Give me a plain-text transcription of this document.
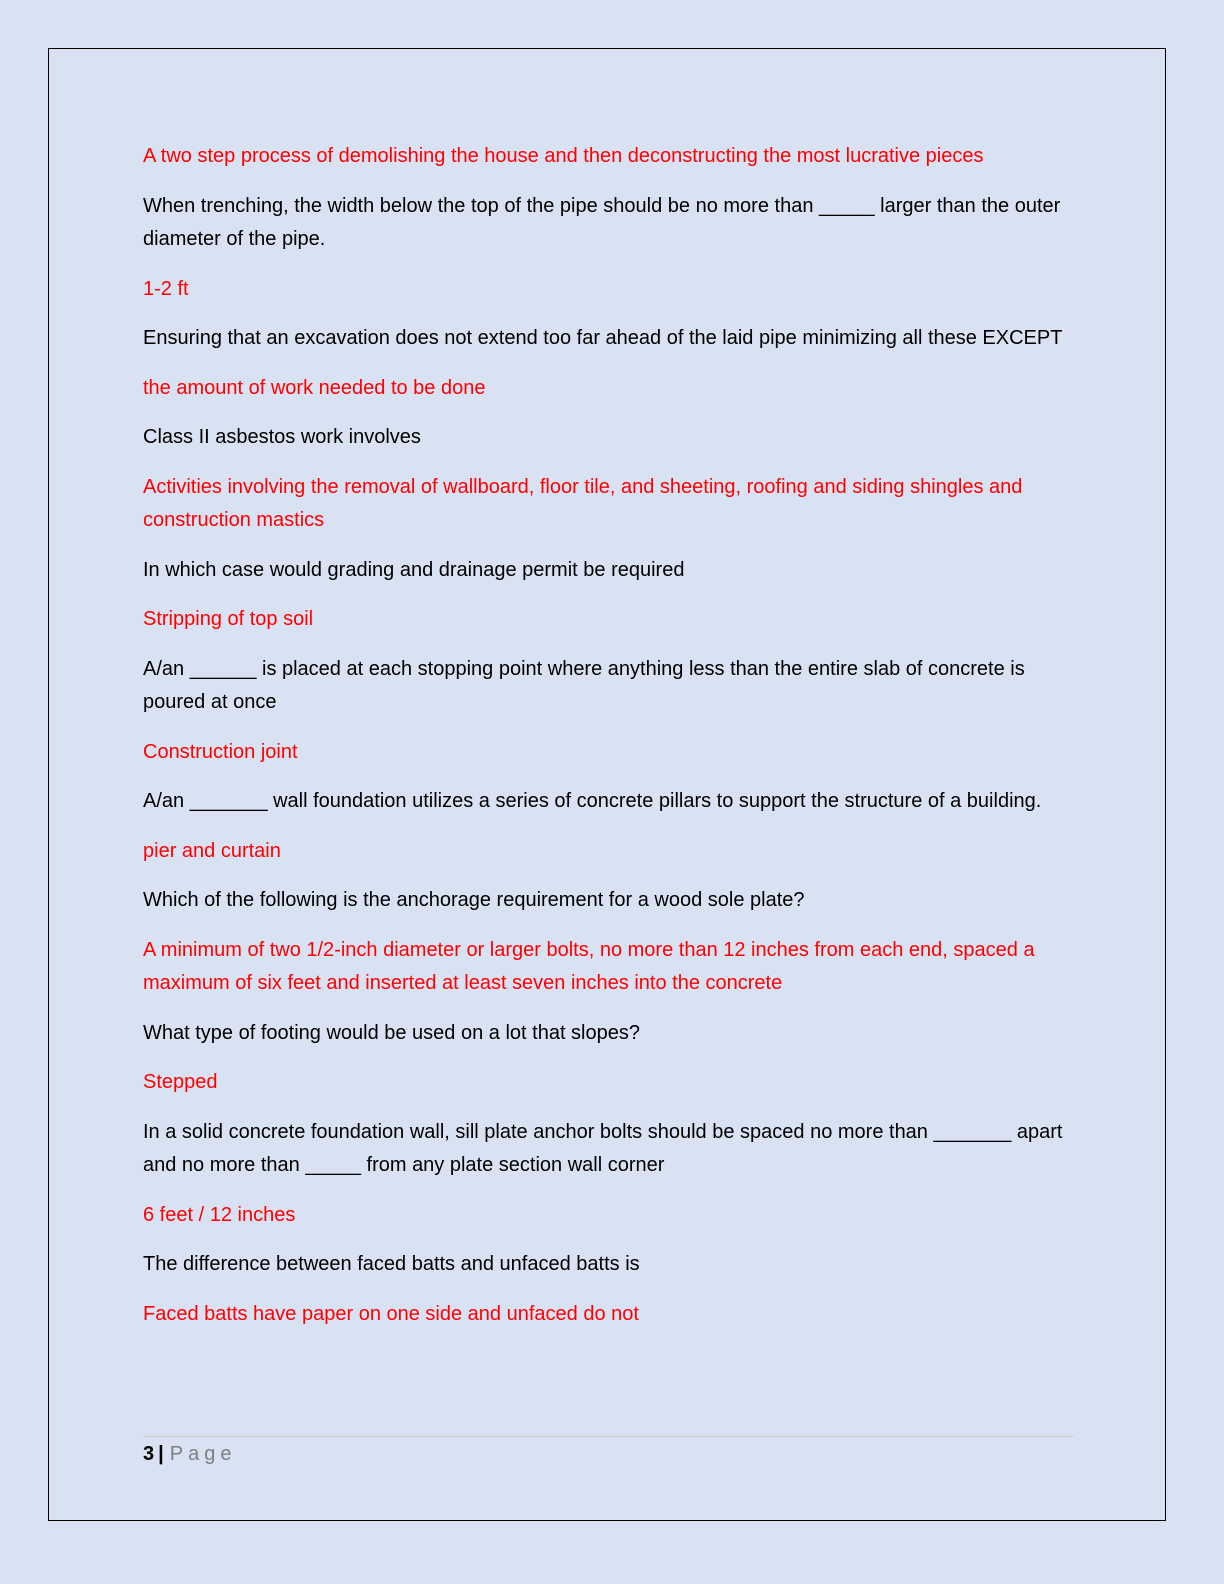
A two step process of demolishing the house and then deconstructing the most lucrative pieces

When trenching, the width below the top of the pipe should be no more than _____ larger than the outer diameter of the pipe.

1-2 ft

Ensuring that an excavation does not extend too far ahead of the laid pipe minimizing all these EXCEPT

the amount of work needed to be done

Class II asbestos work involves

Activities involving the removal of wallboard, floor tile, and sheeting, roofing and siding shingles and construction mastics

In which case would grading and drainage permit be required

Stripping of top soil

A/an ______ is placed at each stopping point where anything less than the entire slab of concrete is poured at once

Construction joint

A/an _______ wall foundation utilizes a series of concrete pillars to support the structure of a building.

pier and curtain

Which of the following is the anchorage requirement for a wood sole plate?

A minimum of two 1/2-inch diameter or larger bolts, no more than 12 inches from each end, spaced a maximum of six feet and inserted at least seven inches into the concrete

What type of footing would be used on a lot that slopes?

Stepped

In a solid concrete foundation wall, sill plate anchor bolts should be spaced no more than _______ apart and no more than _____ from any plate section wall corner

6 feet / 12 inches

The difference between faced batts and unfaced batts is

Faced batts have paper on one side and unfaced do not

3 | Page
